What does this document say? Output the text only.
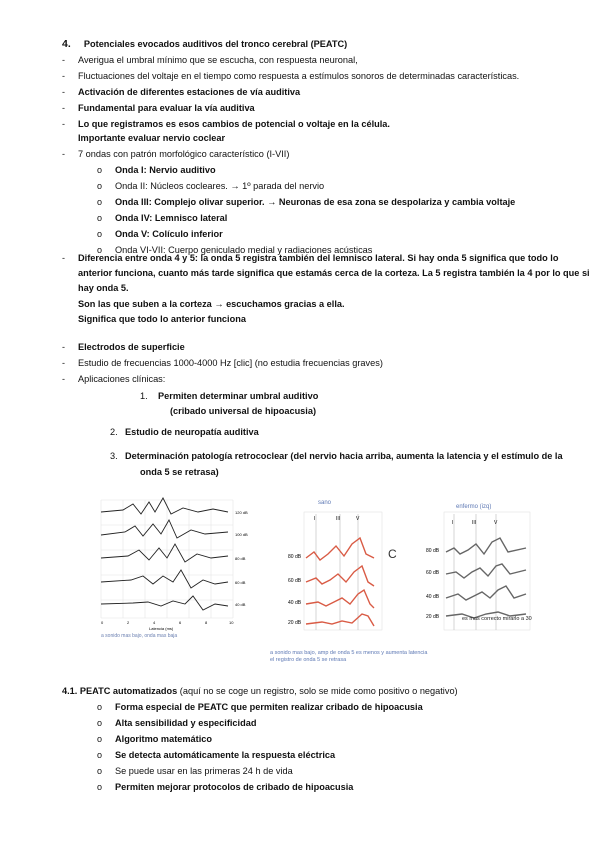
4. Potenciales evocados auditivos del tronco cerebral (PEATC)
- Averigua el umbral mínimo que se escucha, con respuesta neuronal,
- Fluctuaciones del voltaje en el tiempo como respuesta a estímulos sonoros de determinadas características.
- Activación de diferentes estaciones de vía auditiva
- Fundamental para evaluar la vía auditiva
- Lo que registramos es esos cambios de potencial o voltaje en la célula.
Importante evaluar nervio coclear
- 7 ondas con patrón morfológico característico (I-VII)
o Onda I: Nervio auditivo
o Onda II: Núcleos cocleares. → 1º parada del nervio
o Onda III: Complejo olivar superior. → Neuronas de esa zona se despolariza y cambia voltaje
o Onda IV: Lemnisco lateral
o Onda V: Colículo inferior
o Onda VI-VII: Cuerpo geniculado medial y radiaciones acústicas
- Diferencia entre onda 4 y 5: la onda 5 registra también del lemnisco lateral. Si hay onda 5 significa que todo lo
anterior funciona, cuanto más tarde significa que estamás cerca de la corteza. La 5 registra también la 4 por lo que si
hay onda 5.
Son las que suben a la corteza → escuchamos gracias a ella.
Significa que todo lo anterior funciona
- Electrodos de superficie
- Estudio de frecuencias 1000-4000 Hz [clic] (no estudia frecuencias graves)
- Aplicaciones clínicas:
1. Permiten determinar umbral auditivo
(cribado universal de hipoacusia)
2. Estudio de neuropatía auditiva
3. Determinación patología retrococlear (del nervio hacia arriba, aumenta la latencia y el estímulo de la
onda 5 se retrasa)
120 dB
100 dB
80 dB
60 dB
40 dB
0	2	4	6	8	10
Latencia (ms)
a sonido mas bajo, onda mas baja
sano
enfermo (izq)
C
I	III	V
80 dB
60 dB
40 dB
20 dB
I	III	V
80 dB
60 dB
40 dB
20 dB	es mas correcto mirarlo a 30
a sonido mas bajo, amp de onda 5 es menos y aumenta latencia
el registro de onda 5 se retrasa
4.1. PEATC automatizados (aquí no se coge un registro, solo se mide como positivo o negativo)
o Forma especial de PEATC que permiten realizar cribado de hipoacusia
o Alta sensibilidad y especificidad
o Algoritmo matemático
o Se detecta automáticamente la respuesta eléctrica
o Se puede usar en las primeras 24 h de vida
o Permiten mejorar protocolos de cribado de hipoacusia
